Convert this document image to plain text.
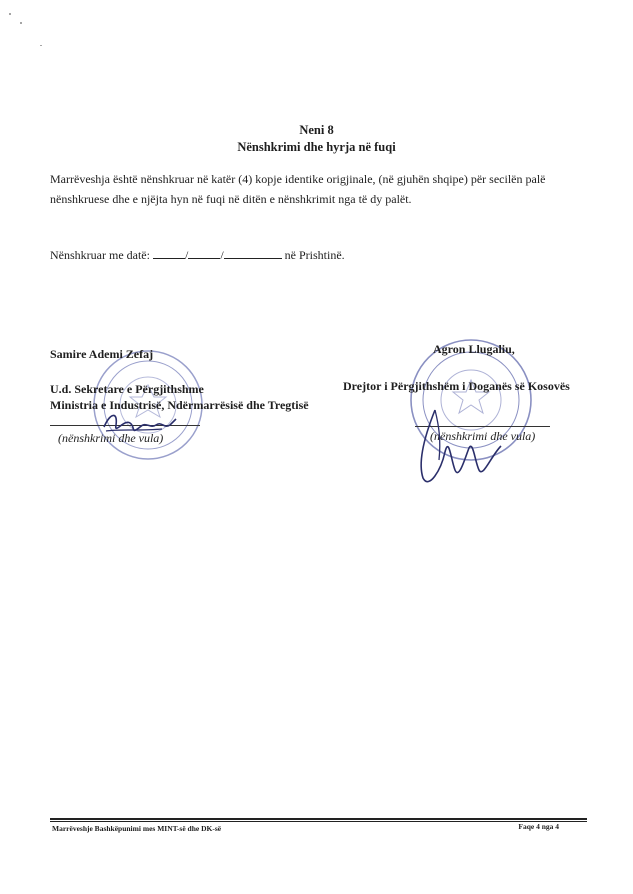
Neni 8
Nënshkrimi dhe hyrja në fuqi
Marrëveshja është nënshkruar në katër (4) kopje identike origjinale, (në gjuhën shqipe) për secilën palë nënshkruese dhe e njëjta hyn në fuqi në ditën e nënshkrimit nga të dy palët.
Nënshkruar me datë:	/	/	në Prishtinë.
Samire Ademi Zefaj
U.d. Sekretare e Përgjithshme
Ministria e Industrisë, Ndërmarrësisë dhe Tregtisë
(nënshkrimi dhe vula)
Agron Llugaliu,
Drejtor i Përgjithshëm i Doganës së Kosovës
(nënshkrimi dhe vula)
Marrëveshje Bashkëpunimi mes MINT-së dhe DK-së	Faqe 4 nga 4
